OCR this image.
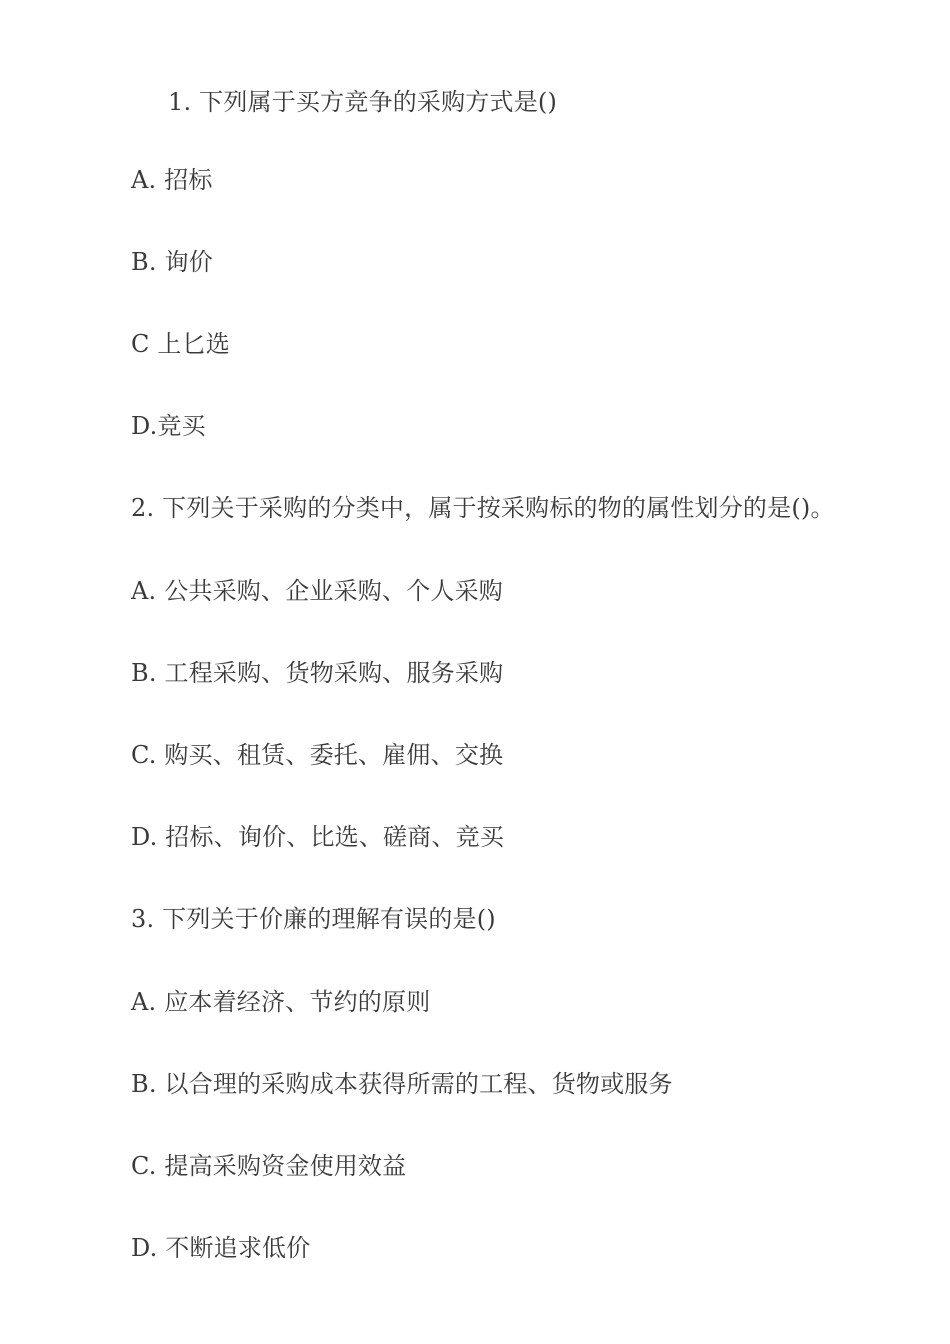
1. 下列属于买方竞争的采购方式是()
A. 招标
B. 询价
C 上匕选
D.竞买
2. 下列关于采购的分类中，属于按采购标的物的属性划分的是()。
A. 公共采购、企业采购、个人采购
B. 工程采购、货物采购、服务采购
C. 购买、租赁、委托、雇佣、交换
D. 招标、询价、比选、磋商、竞买
3. 下列关于价廉的理解有误的是()
A. 应本着经济、节约的原则
B. 以合理的采购成本获得所需的工程、货物或服务
C. 提高采购资金使用效益
D. 不断追求低价
